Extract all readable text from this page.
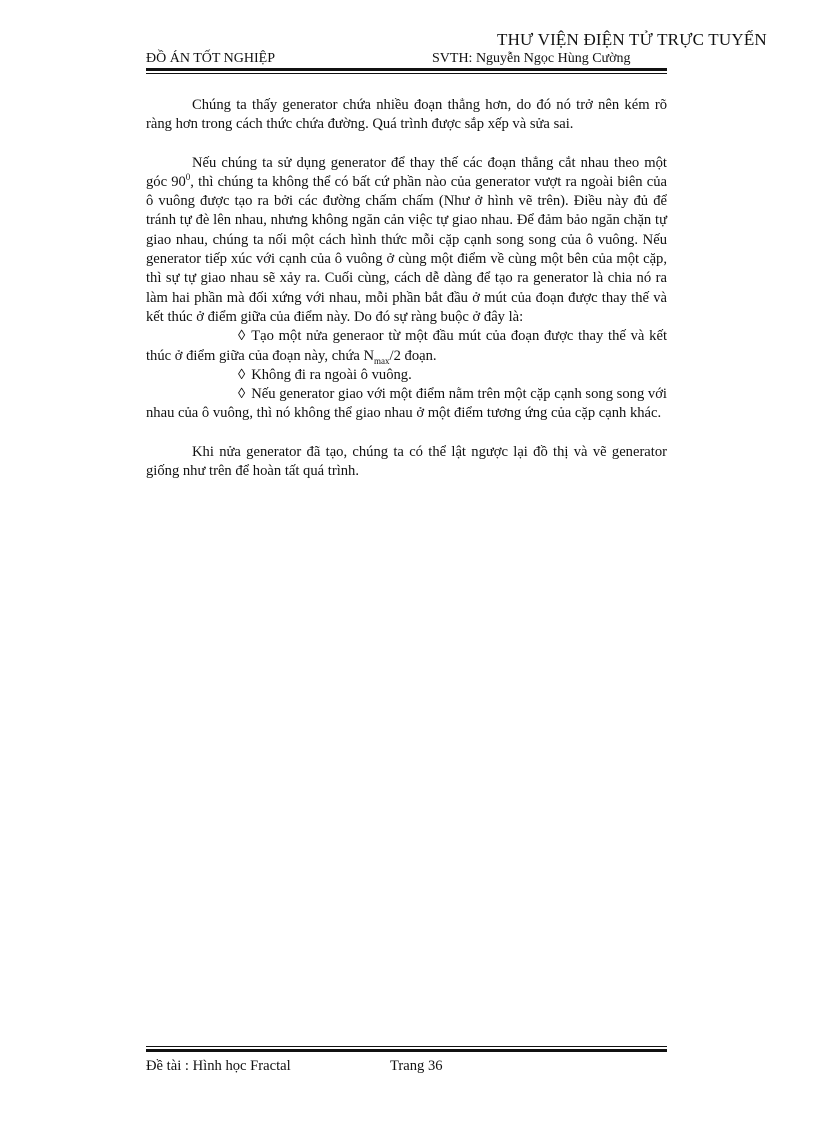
THƯ VIỆN ĐIỆN TỬ TRỰC TUYẾN
ĐỒ ÁN TỐT NGHIỆP	SVTH: Nguyễn Ngọc Hùng Cường

Chúng ta thấy generator chứa nhiều đoạn thẳng hơn, do đó nó trở nên kém rõ ràng hơn trong cách thức chứa đường. Quá trình được sắp xếp và sửa sai.

Nếu chúng ta sử dụng generator để thay thế các đoạn thẳng cắt nhau theo một góc $90^0$, thì chúng ta không thể có bất cứ phần nào của generator vượt ra ngoài biên của ô vuông được tạo ra bởi các đường chấm chấm (Như ở hình vẽ trên). Điều này đủ để tránh tự đè lên nhau, nhưng không ngăn cản việc tự giao nhau. Để đảm bảo ngăn chặn tự giao nhau, chúng ta nối một cách hình thức mỗi cặp cạnh song song của ô vuông. Nếu generator tiếp xúc với cạnh của ô vuông ở cùng một điểm về cùng một bên của một cặp, thì sự tự giao nhau sẽ xảy ra. Cuối cùng, cách dễ dàng để tạo ra generator là chia nó ra làm hai phần mà đối xứng với nhau, mỗi phần bắt đầu ở mút của đoạn được thay thế và kết thúc ở điểm giữa của điểm này. Do đó sự ràng buộc ở đây là:

◊ Tạo một nửa generaor từ một đầu mút của đoạn được thay thế và kết thúc ở điểm giữa của đoạn này, chứa $N_{max}/2$ đoạn.
◊ Không đi ra ngoài ô vuông.
◊ Nếu generator giao với một điểm nằm trên một cặp cạnh song song với nhau của ô vuông, thì nó không thể giao nhau ở một điểm tương ứng của cặp cạnh khác.

Khi nửa generator đã tạo, chúng ta có thể lật ngược lại đồ thị và vẽ generator giống như trên để hoàn tất quá trình.

Đề tài : Hình học Fractal	Trang 36
